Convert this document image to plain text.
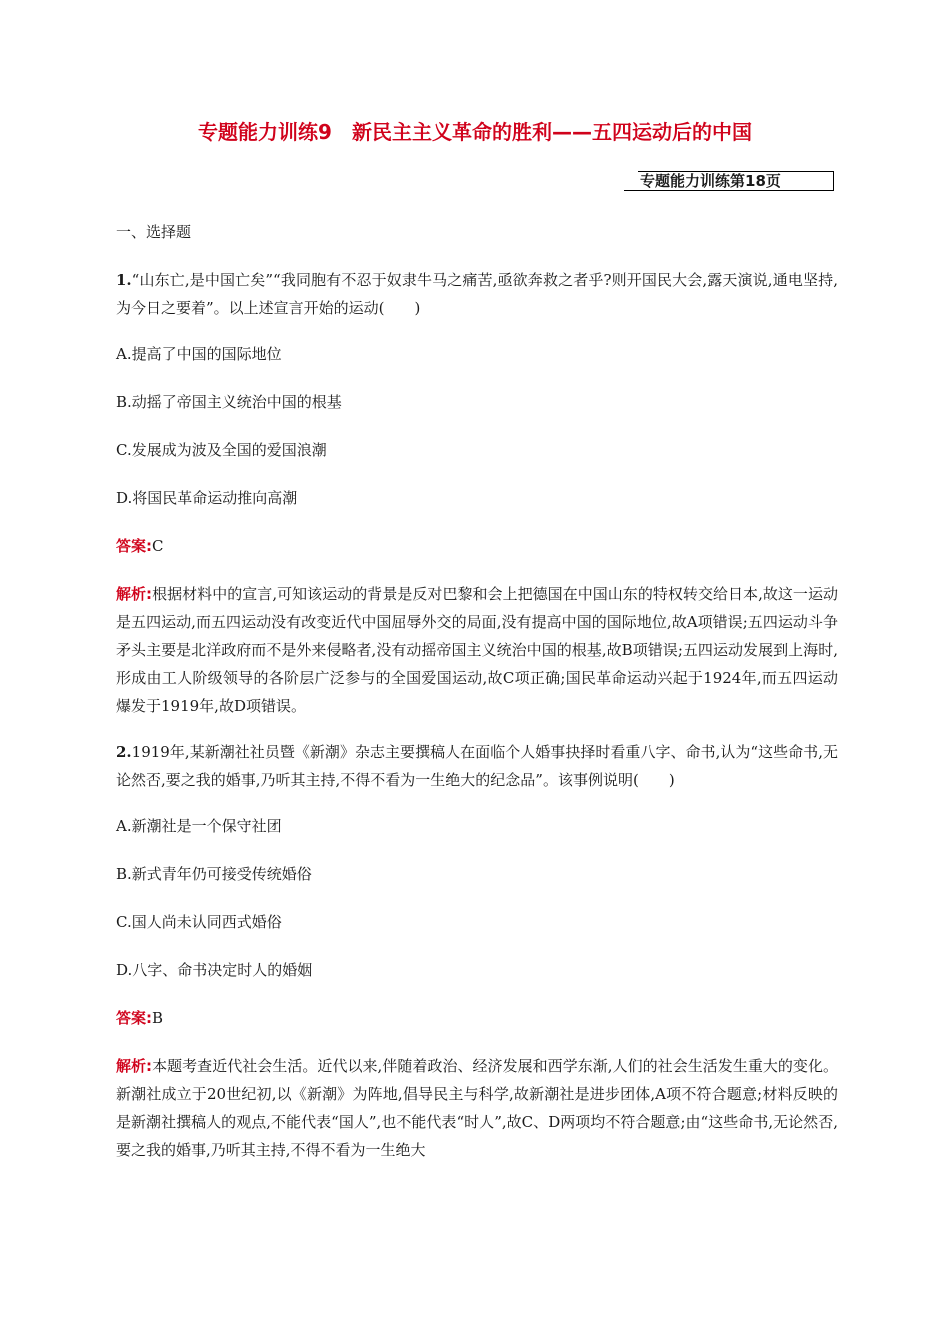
专题能力训练9　新民主主义革命的胜利——五四运动后的中国
专题能力训练第18页
一、选择题
1.“山东亡,是中国亡矣”“我同胞有不忍于奴隶牛马之痛苦,亟欲奔救之者乎?则开国民大会,露天演说,通电坚持,为今日之要着”。以上述宣言开始的运动(　　)
A.提高了中国的国际地位
B.动摇了帝国主义统治中国的根基
C.发展成为波及全国的爱国浪潮
D.将国民革命运动推向高潮
答案:C
解析:根据材料中的宣言,可知该运动的背景是反对巴黎和会上把德国在中国山东的特权转交给日本,故这一运动是五四运动,而五四运动没有改变近代中国屈辱外交的局面,没有提高中国的国际地位,故A项错误;五四运动斗争矛头主要是北洋政府而不是外来侵略者,没有动摇帝国主义统治中国的根基,故B项错误;五四运动发展到上海时,形成由工人阶级领导的各阶层广泛参与的全国爱国运动,故C项正确;国民革命运动兴起于1924年,而五四运动爆发于1919年,故D项错误。
2.1919年,某新潮社社员暨《新潮》杂志主要撰稿人在面临个人婚事抉择时看重八字、命书,认为“这些命书,无论然否,要之我的婚事,乃听其主持,不得不看为一生绝大的纪念品”。该事例说明(　　)
A.新潮社是一个保守社团
B.新式青年仍可接受传统婚俗
C.国人尚未认同西式婚俗
D.八字、命书决定时人的婚姻
答案:B
解析:本题考查近代社会生活。近代以来,伴随着政治、经济发展和西学东渐,人们的社会生活发生重大的变化。新潮社成立于20世纪初,以《新潮》为阵地,倡导民主与科学,故新潮社是进步团体,A项不符合题意;材料反映的是新潮社撰稿人的观点,不能代表“国人”,也不能代表“时人”,故C、D两项均不符合题意;由“这些命书,无论然否,要之我的婚事,乃听其主持,不得不看为一生绝大
